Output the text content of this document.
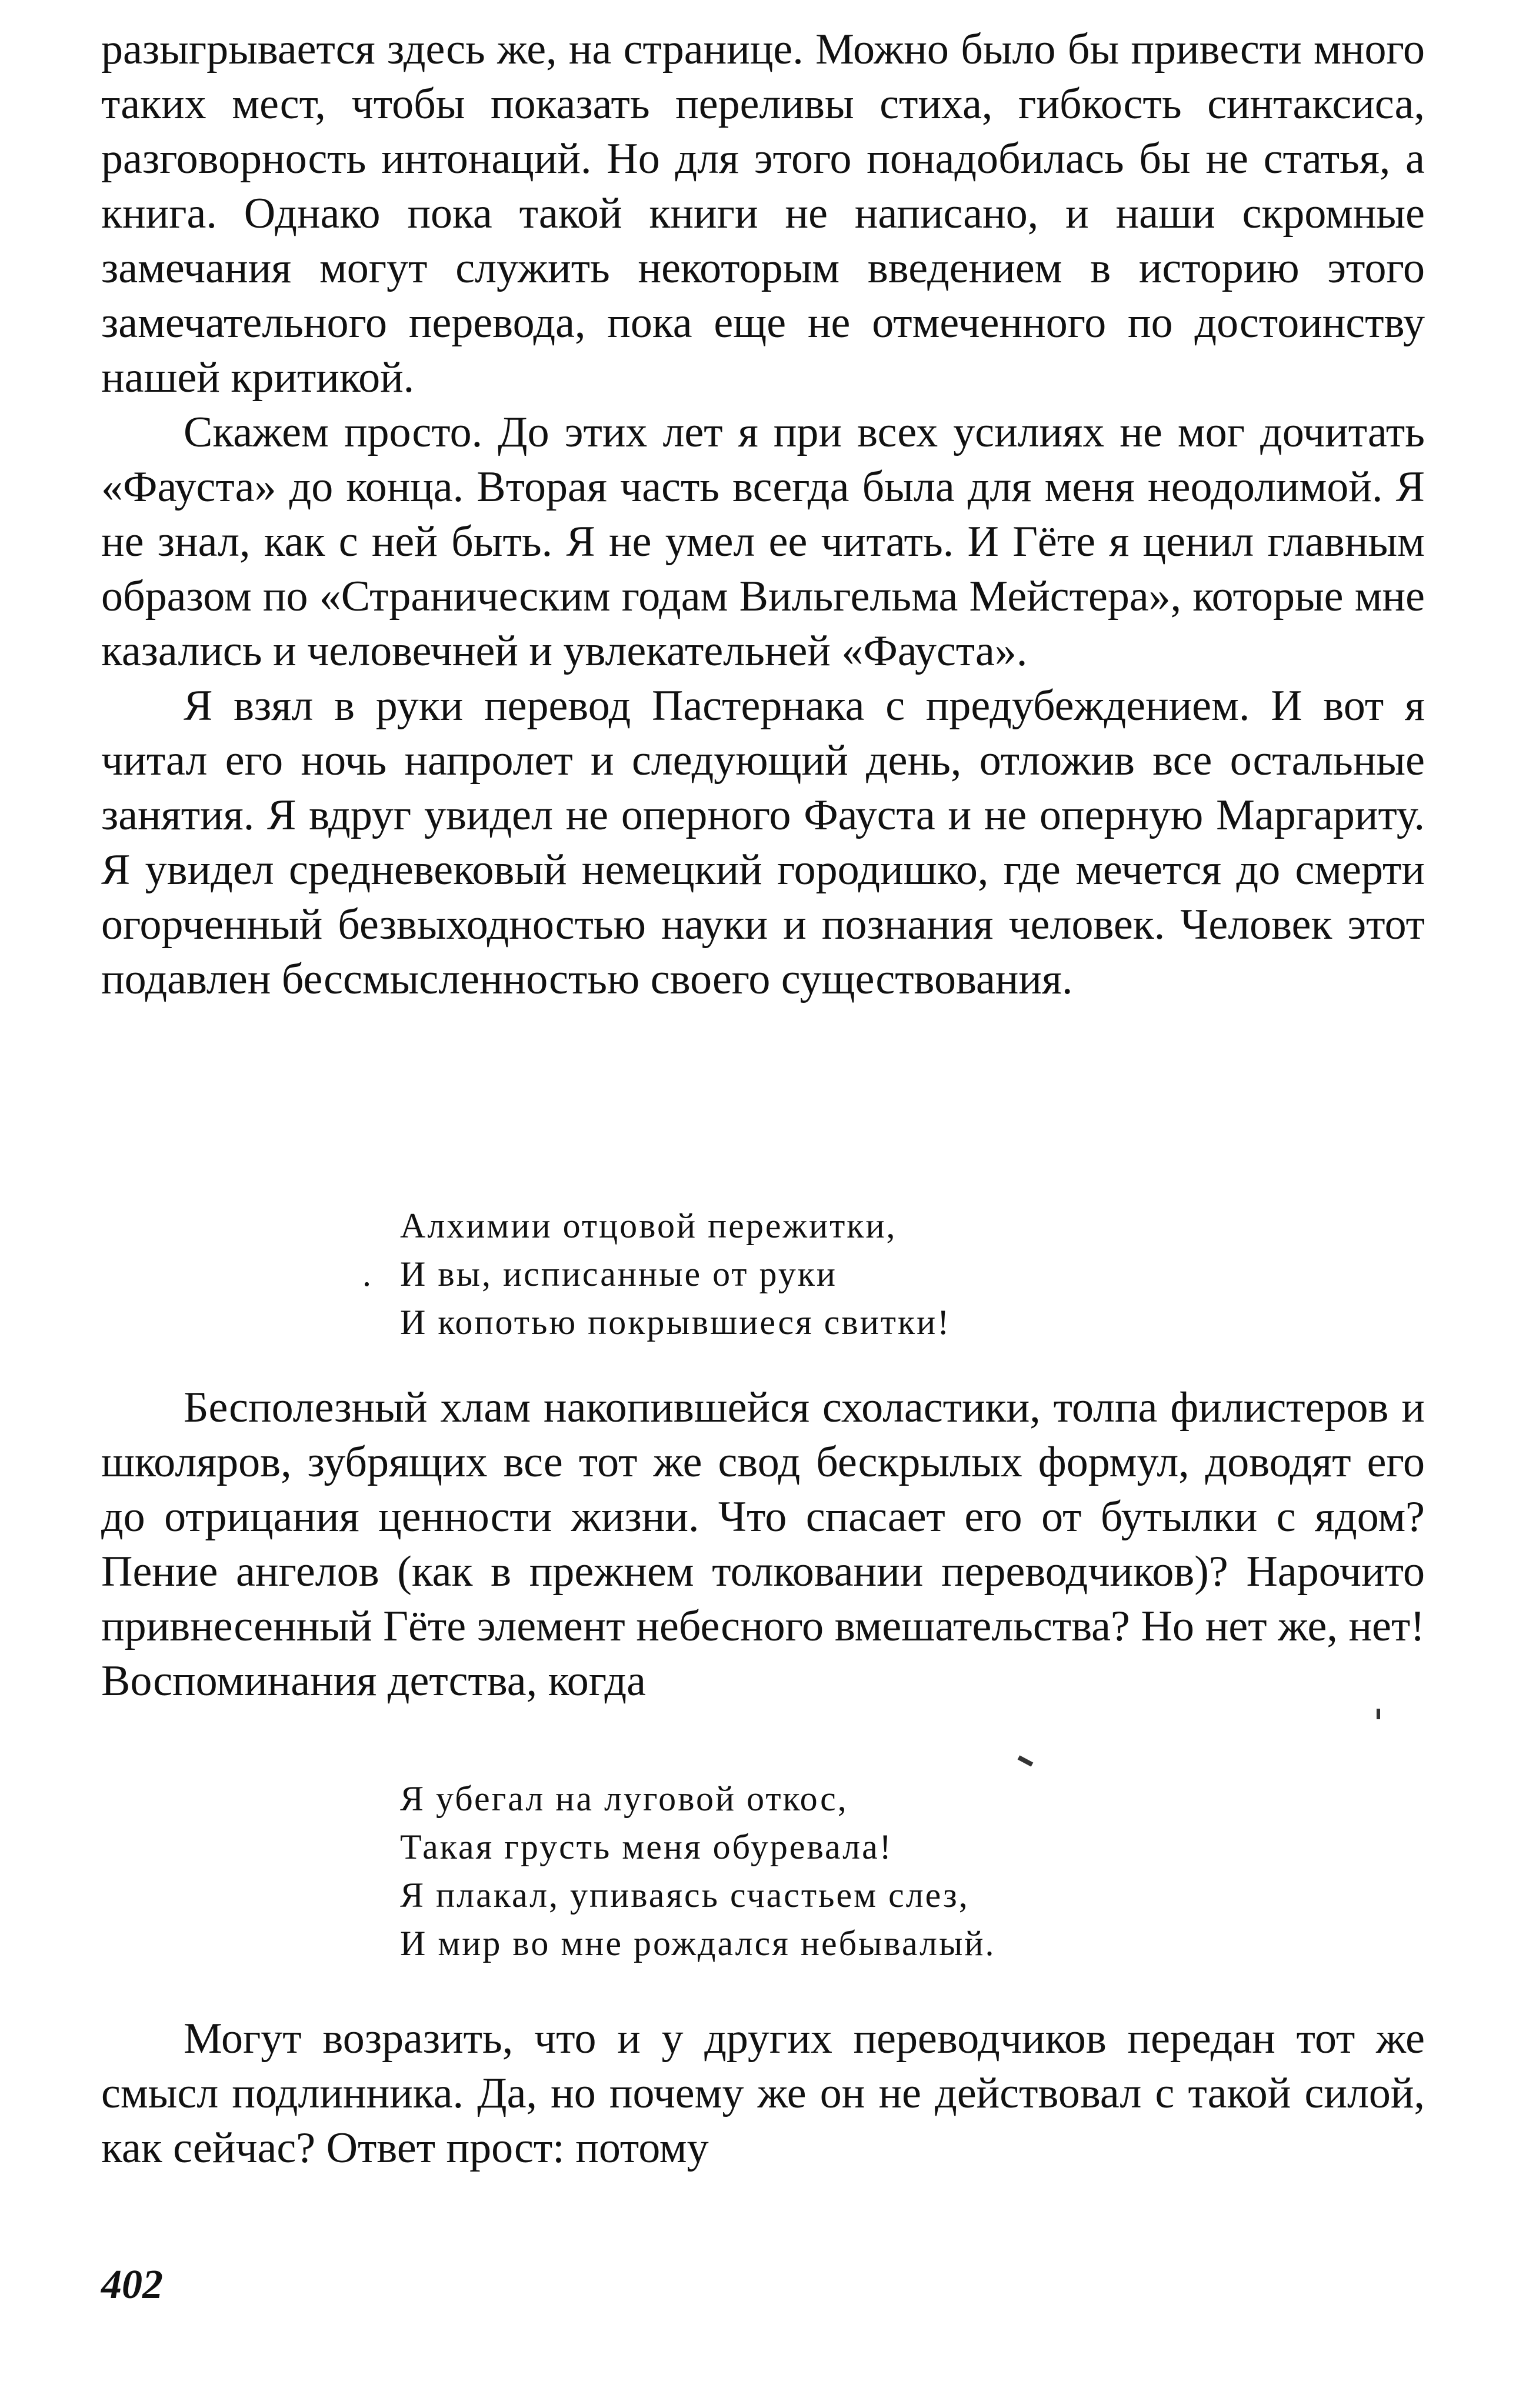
разыгрывается здесь же, на странице. Можно было бы привести много таких мест, чтобы показать переливы стиха, гибкость синтаксиса, разговорность интонаций. Но для этого понадобилась бы не статья, а книга. Однако пока такой книги не написано, и наши скромные замечания могут служить некоторым введением в историю этого замечательного перевода, пока еще не отмеченного по достоинству нашей критикой.

Скажем просто. До этих лет я при всех усилиях не мог дочитать «Фауста» до конца. Вторая часть всегда была для меня неодолимой. Я не знал, как с ней быть. Я не умел ее читать. И Гёте я ценил главным образом по «Страническим годам Вильгельма Мейстера», которые мне казались и человечней и увлекательней «Фауста».

Я взял в руки перевод Пастернака с предубеждением. И вот я читал его ночь напролет и следующий день, отложив все остальные занятия. Я вдруг увидел не оперного Фауста и не оперную Маргариту. Я увидел средневековый немецкий городишко, где мечется до смерти огорченный безвыходностью науки и познания человек. Человек этот подавлен бессмысленностью своего существования.

.
Алхимии отцовой пережитки,
И вы, исписанные от руки
И копотью покрывшиеся свитки!

Бесполезный хлам накопившейся схоластики, толпа филистеров и школяров, зубрящих все тот же свод бескрылых формул, доводят его до отрицания ценности жизни. Что спасает его от бутылки с ядом? Пение ангелов (как в прежнем толковании переводчиков)? Нарочито привнесенный Гёте элемент небесного вмешательства? Но нет же, нет! Воспоминания детства, когда

Я убегал на луговой откос,
Такая грусть меня обуревала!
Я плакал, упиваясь счастьем слез,
И мир во мне рождался небывалый.

Могут возразить, что и у других переводчиков передан тот же смысл подлинника. Да, но почему же он не действовал с такой силой, как сейчас? Ответ прост: потому

402
